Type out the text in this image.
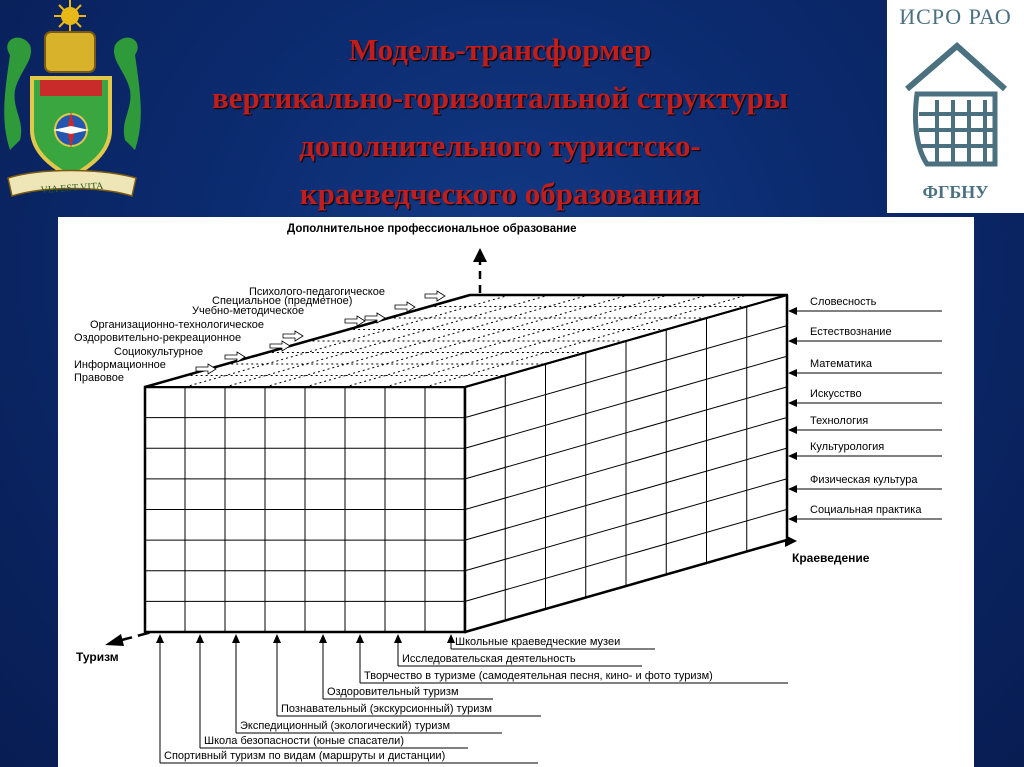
VIA EST VITA
Модель-трансформер
вертикально-горизонтальной структуры
дополнительного туристско-
краеведческого образования
ИСРО РАО
ФГБНУ
Дополнительное профессиональное образование
Краеведение
Туризм
Психолого-педагогическое
Специальное (предметное)
Учебно-методическое
Организационно-технологическое
Оздоровительно-рекреационное
Социокультурное
Информационное
Правовое
Словесность
Естествознание
Математика
Искусство
Технология
Культурология
Физическая культура
Социальная практика
Школьные краеведческие музеи
Исследовательская деятельность
Творчество в туризме (самодеятельная песня, кино- и фото туризм)
Оздоровительный туризм
Познавательный (экскурсионный) туризм
Экспедиционный (экологический) туризм
Школа безопасности (юные спасатели)
Спортивный туризм по видам (маршруты и дистанции)
